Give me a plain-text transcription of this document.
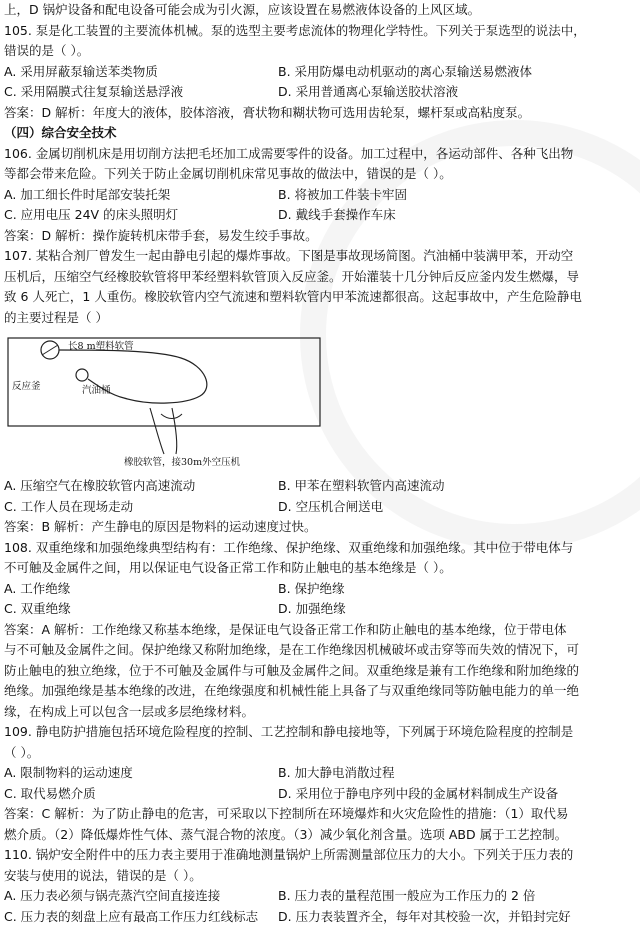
上，D 锅炉设备和配电设备可能会成为引火源，应该设置在易燃液体设备的上风区域。
105. 泵是化工装置的主要流体机械。泵的选型主要考虑流体的物理化学特性。下列关于泵选型的说法中，
错误的是（ ）。
A. 采用屏蔽泵输送苯类物质	B. 采用防爆电动机驱动的离心泵输送易燃液体
C. 采用隔膜式往复泵输送悬浮液	D. 采用普通离心泵输送胶状溶液
答案：D 解析：年度大的液体，胶体溶液，膏状物和糊状物可选用齿轮泵，螺杆泵或高粘度泵。
（四）综合安全技术
106. 金属切削机床是用切削方法把毛坯加工成需要零件的设备。加工过程中，各运动部件、各种飞出物
等都会带来危险。下列关于防止金属切削机床常见事故的做法中，错误的是（ ）。
A. 加工细长件时尾部安装托架	B. 将被加工件装卡牢固
C. 应用电压 24V 的床头照明灯	D. 戴线手套操作车床
答案：D 解析：操作旋转机床带手套，易发生绞手事故。
107. 某粘合剂厂曾发生一起由静电引起的爆炸事故。下图是事故现场简图。汽油桶中装满甲苯，开动空
压机后，压缩空气经橡胶软管将甲苯经塑料软管顶入反应釜。开始灌装十几分钟后反应釜内发生燃爆，导
致 6 人死亡，1 人重伤。橡胶软管内空气流速和塑料软管内甲苯流速都很高。这起事故中，产生危险静电
的主要过程是（ ）
长8 m塑料软管
反应釜	汽油桶
橡胶软管，接30m外空压机
A. 压缩空气在橡胶软管内高速流动	B. 甲苯在塑料软管内高速流动
C. 工作人员在现场走动	D. 空压机合闸送电
答案：B 解析：产生静电的原因是物料的运动速度过快。
108. 双重绝缘和加强绝缘典型结构有：工作绝缘、保护绝缘、双重绝缘和加强绝缘。其中位于带电体与
不可触及金属件之间，用以保证电气设备正常工作和防止触电的基本绝缘是（ ）。
A. 工作绝缘	B. 保护绝缘
C. 双重绝缘	D. 加强绝缘
答案：A 解析：工作绝缘又称基本绝缘，是保证电气设备正常工作和防止触电的基本绝缘，位于带电体
与不可触及金属件之间。保护绝缘又称附加绝缘，是在工作绝缘因机械破坏或击穿等而失效的情况下，可
防止触电的独立绝缘，位于不可触及金属件与可触及金属件之间。双重绝缘是兼有工作绝缘和附加绝缘的
绝缘。加强绝缘是基本绝缘的改进，在绝缘强度和机械性能上具备了与双重绝缘同等防触电能力的单一绝
缘，在构成上可以包含一层或多层绝缘材料。
109. 静电防护措施包括环境危险程度的控制、工艺控制和静电接地等，下列属于环境危险程度的控制是
（ ）。
A. 限制物料的运动速度	B. 加大静电消散过程
C. 取代易燃介质	D. 采用位于静电序列中段的金属材料制成生产设备
答案：C 解析：为了防止静电的危害，可采取以下控制所在环境爆炸和火灾危险性的措施：（1）取代易
燃介质。（2）降低爆炸性气体、蒸气混合物的浓度。（3）减少氧化剂含量。选项 ABD 属于工艺控制。
110. 锅炉安全附件中的压力表主要用于准确地测量锅炉上所需测量部位压力的大小。下列关于压力表的
安装与使用的说法，错误的是（ ）。
A. 压力表必须与锅壳蒸汽空间直接连接	B. 压力表的量程范围一般应为工作压力的 2 倍
C. 压力表的刻盘上应有最高工作压力红线标志	D. 压力表装置齐全，每年对其校验一次，并铅封完好
